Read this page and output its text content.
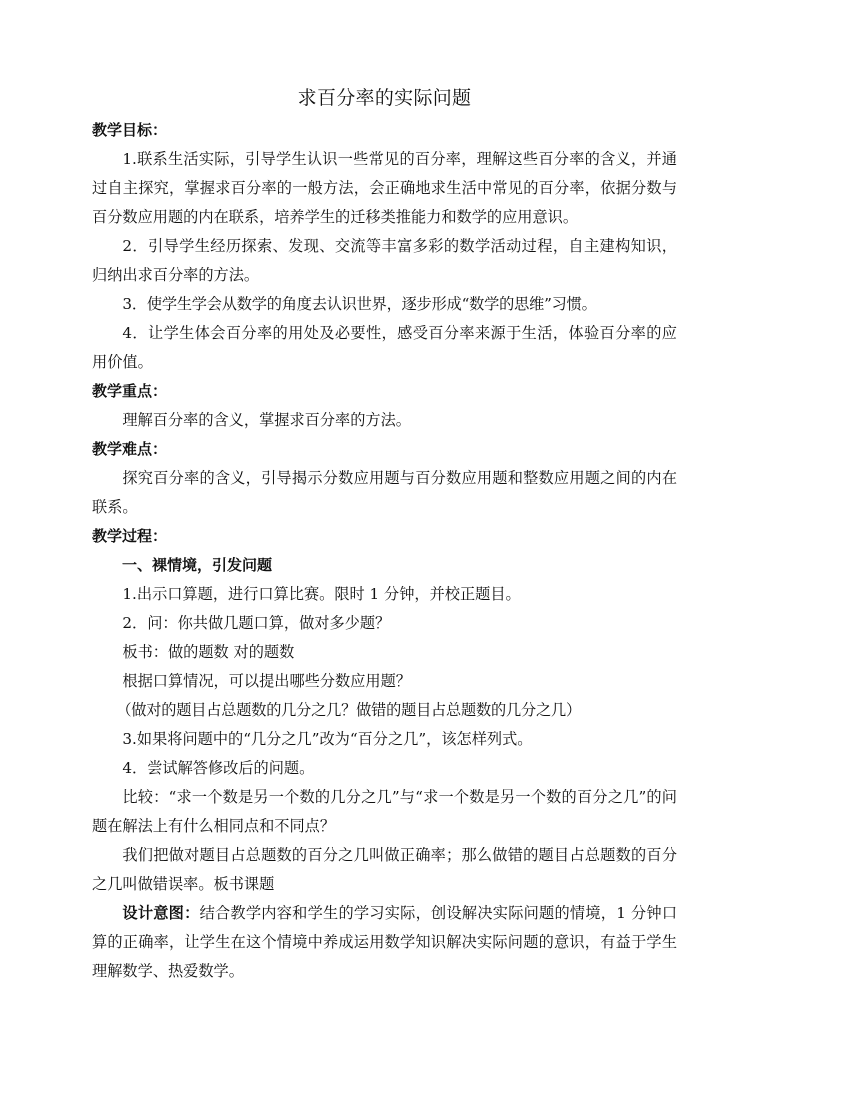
求百分率的实际问题
教学目标：

1.联系生活实际，引导学生认识一些常见的百分率，理解这些百分率的含义，并通过自主探究，掌握求百分率的一般方法，会正确地求生活中常见的百分率，依据分数与百分数应用题的内在联系，培养学生的迁移类推能力和数学的应用意识。

2．引导学生经历探索、发现、交流等丰富多彩的数学活动过程，自主建构知识，归纳出求百分率的方法。

3．使学生学会从数学的角度去认识世界，逐步形成“数学的思维”习惯。

4．让学生体会百分率的用处及必要性，感受百分率来源于生活，体验百分率的应用价值。

教学重点：

理解百分率的含义，掌握求百分率的方法。

教学难点：

探究百分率的含义，引导揭示分数应用题与百分数应用题和整数应用题之间的内在联系。

教学过程：

一、裸情境，引发问题

1.出示口算题，进行口算比赛。限时 1 分钟，并校正题目。

2．问：你共做几题口算，做对多少题？

板书：做的题数 对的题数

根据口算情况，可以提出哪些分数应用题？

（做对的题目占总题数的几分之几？做错的题目占总题数的几分之几）

3.如果将问题中的“几分之几”改为“百分之几”，该怎样列式。

4．尝试解答修改后的问题。

比较：“求一个数是另一个数的几分之几”与“求一个数是另一个数的百分之几”的问题在解法上有什么相同点和不同点？

我们把做对题目占总题数的百分之几叫做正确率；那么做错的题目占总题数的百分之几叫做错误率。板书课题

设计意图：结合教学内容和学生的学习实际，创设解决实际问题的情境，1 分钟口算的正确率，让学生在这个情境中养成运用数学知识解决实际问题的意识，有益于学生理解数学、热爱数学。
